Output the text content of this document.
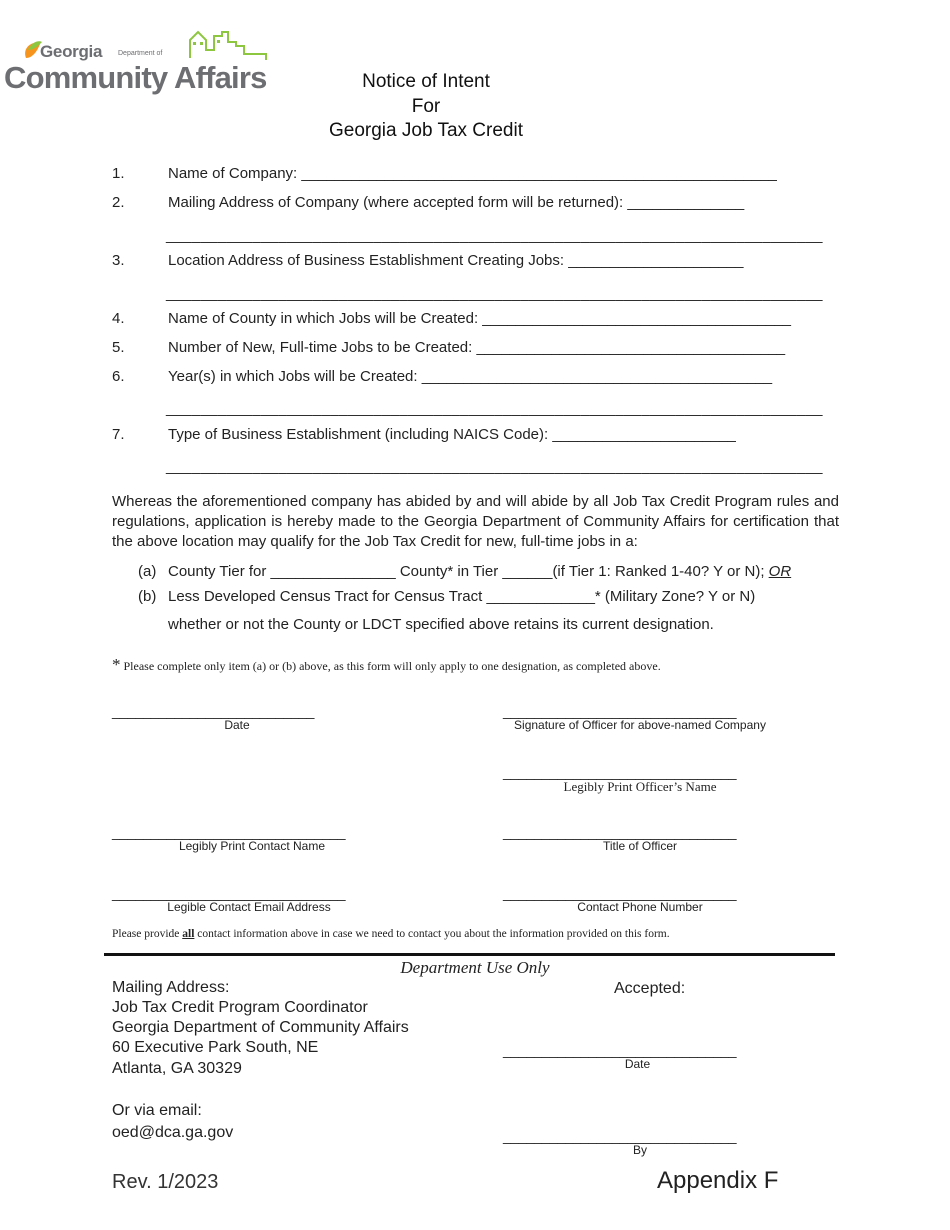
Georgia Department of
Community Affairs	Notice of Intent
For
Georgia Job Tax Credit
1.	Name of Company: _________________________________________________________
2.	Mailing Address of Company (where accepted form will be returned): ______________
____________________________________________________________________________
3.	Location Address of Business Establishment Creating Jobs: _____________________
____________________________________________________________________________
4.	Name of County in which Jobs will be Created: _____________________________________
5.	Number of New, Full-time Jobs to be Created: _____________________________________
6.	Year(s) in which Jobs will be Created: __________________________________________
____________________________________________________________________________
7.	Type of Business Establishment (including NAICS Code): ______________________
____________________________________________________________________________
Whereas the aforementioned company has abided by and will abide by all Job Tax Credit Program rules and regulations, application is hereby made to the Georgia Department of Community Affairs for certification that the above location may qualify for the Job Tax Credit for new, full-time jobs in a:
(a) County Tier for _______________ County* in Tier ______(if Tier 1: Ranked 1-40? Y or N); OR
(b) Less Developed Census Tract for Census Tract _____________* (Military Zone? Y or N)
whether or not the County or LDCT specified above retains its current designation.
* Please complete only item (a) or (b) above, as this form will only apply to one designation, as completed above.
__________________________
Date
______________________________
Signature of Officer for above-named Company
______________________________
Legibly Print Officer’s Name
______________________________
Legibly Print Contact Name
______________________________
Title of Officer
______________________________
Legible Contact Email Address
______________________________
Contact Phone Number
Please provide all contact information above in case we need to contact you about the information provided on this form.
Department Use Only
Mailing Address:
Job Tax Credit Program Coordinator
Georgia Department of Community Affairs
60 Executive Park South, NE
Atlanta, GA 30329
Or via email:
oed@dca.ga.gov
Accepted:
______________________________
Date
______________________________
By
Rev. 1/2023	Appendix F
